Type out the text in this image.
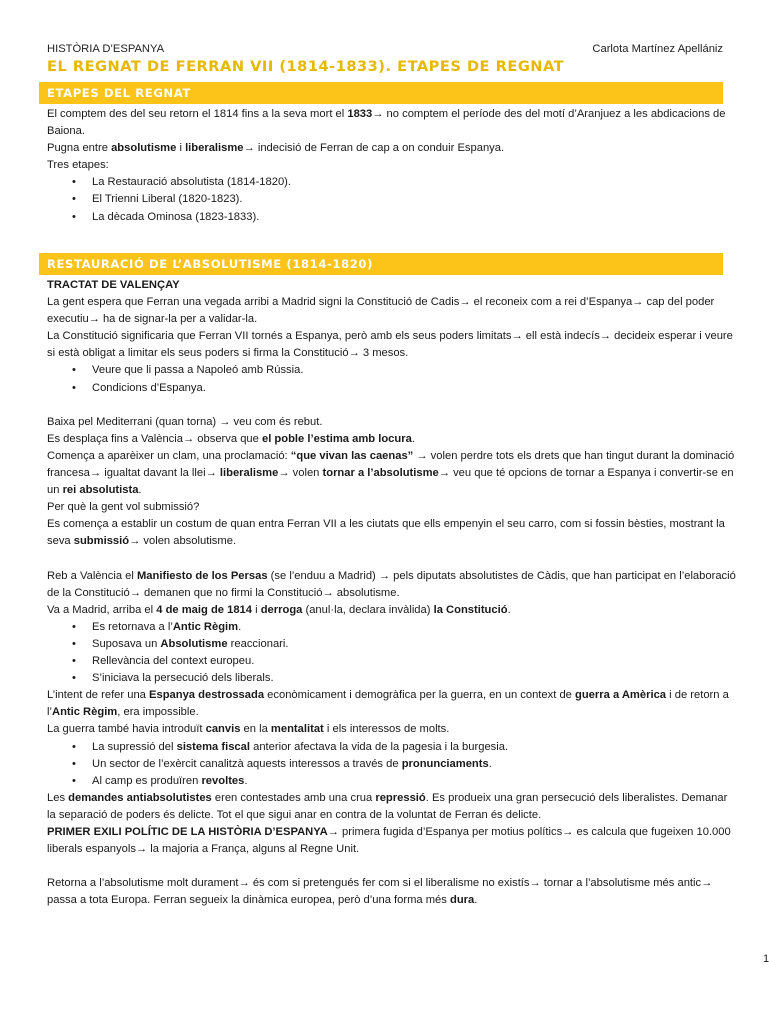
HISTÒRIA D’ESPANYA	Carlota Martínez Apellániz
EL REGNAT DE FERRAN VII (1814-1833). ETAPES DE REGNAT
ETAPES DEL REGNAT

El comptem des del seu retorn el 1814 fins a la seva mort el 1833→ no comptem el període des del motí d’Aranjuez a les abdicacions de Baiona.

Pugna entre absolutisme i liberalisme→ indecisió de Ferran de cap a on conduir Espanya.

Tres etapes:

• La Restauració absolutista (1814-1820).

• El Trienni Liberal (1820-1823).

• La dècada Ominosa (1823-1833).

RESTAURACIÓ DE L’ABSOLUTISME (1814-1820)

TRACTAT DE VALENÇAY

La gent espera que Ferran una vegada arribi a Madrid signi la Constitució de Cadis→ el reconeix com a rei d’Espanya→ cap del poder executiu→ ha de signar-la per a validar-la.

La Constitució significaria que Ferran VII tornés a Espanya, però amb els seus poders limitats→ ell està indecís→ decideix esperar i veure si està obligat a limitar els seus poders si firma la Constitució→ 3 mesos.

• Veure que li passa a Napoleó amb Rússia.

• Condicions d’Espanya.

Baixa pel Mediterrani (quan torna) → veu com és rebut.

Es desplaça fins a València→ observa que el poble l’estima amb locura.

Comença a aparèixer un clam, una proclamació: “que vivan las caenas” → volen perdre tots els drets que han tingut durant la dominació francesa→ igualtat davant la llei→ liberalisme→ volen tornar a l’absolutisme→ veu que té opcions de tornar a Espanya i convertir-se en un rei absolutista.

Per què la gent vol submissió?

Es comença a establir un costum de quan entra Ferran VII a les ciutats que ells empenyin el seu carro, com si fossin bèsties, mostrant la seva submissió→ volen absolutisme.

Reb a València el Manifiesto de los Persas (se l’enduu a Madrid) → pels diputats absolutistes de Càdis, que han participat en l’elaboració de la Constitució→ demanen que no firmi la Constitució→ absolutisme.

Va a Madrid, arriba el 4 de maig de 1814 i derroga (anul·la, declara invàlida) la Constitució.

• Es retornava a l’Antic Règim.

• Suposava un Absolutisme reaccionari.

• Rellevància del context europeu.

• S’iniciava la persecució dels liberals.

L’intent de refer una Espanya destrossada econòmicament i demogràfica per la guerra, en un context de guerra a Amèrica i de retorn a l’Antic Règim, era impossible.

La guerra també havia introduït canvis en la mentalitat i els interessos de molts.

• La supressió del sistema fiscal anterior afectava la vida de la pagesia i la burgesia.

• Un sector de l’exèrcit canalitzà aquests interessos a través de pronunciaments.

• Al camp es produïren revoltes.

Les demandes antiabsolutistes eren contestades amb una crua repressió. Es produeix una gran persecució dels liberalistes. Demanar la separació de poders és delicte. Tot el que sigui anar en contra de la voluntat de Ferran és delicte.

PRIMER EXILI POLÍTIC DE LA HISTÒRIA D’ESPANYA→ primera fugida d’Espanya per motius polítics→ es calcula que fugeixen 10.000 liberals espanyols→ la majoria a França, alguns al Regne Unit.

Retorna a l’absolutisme molt durament→ és com si pretengués fer com si el liberalisme no existís→ tornar a l’absolutisme més antic→ passa a tota Europa. Ferran segueix la dinàmica europea, però d’una forma més dura.

1
